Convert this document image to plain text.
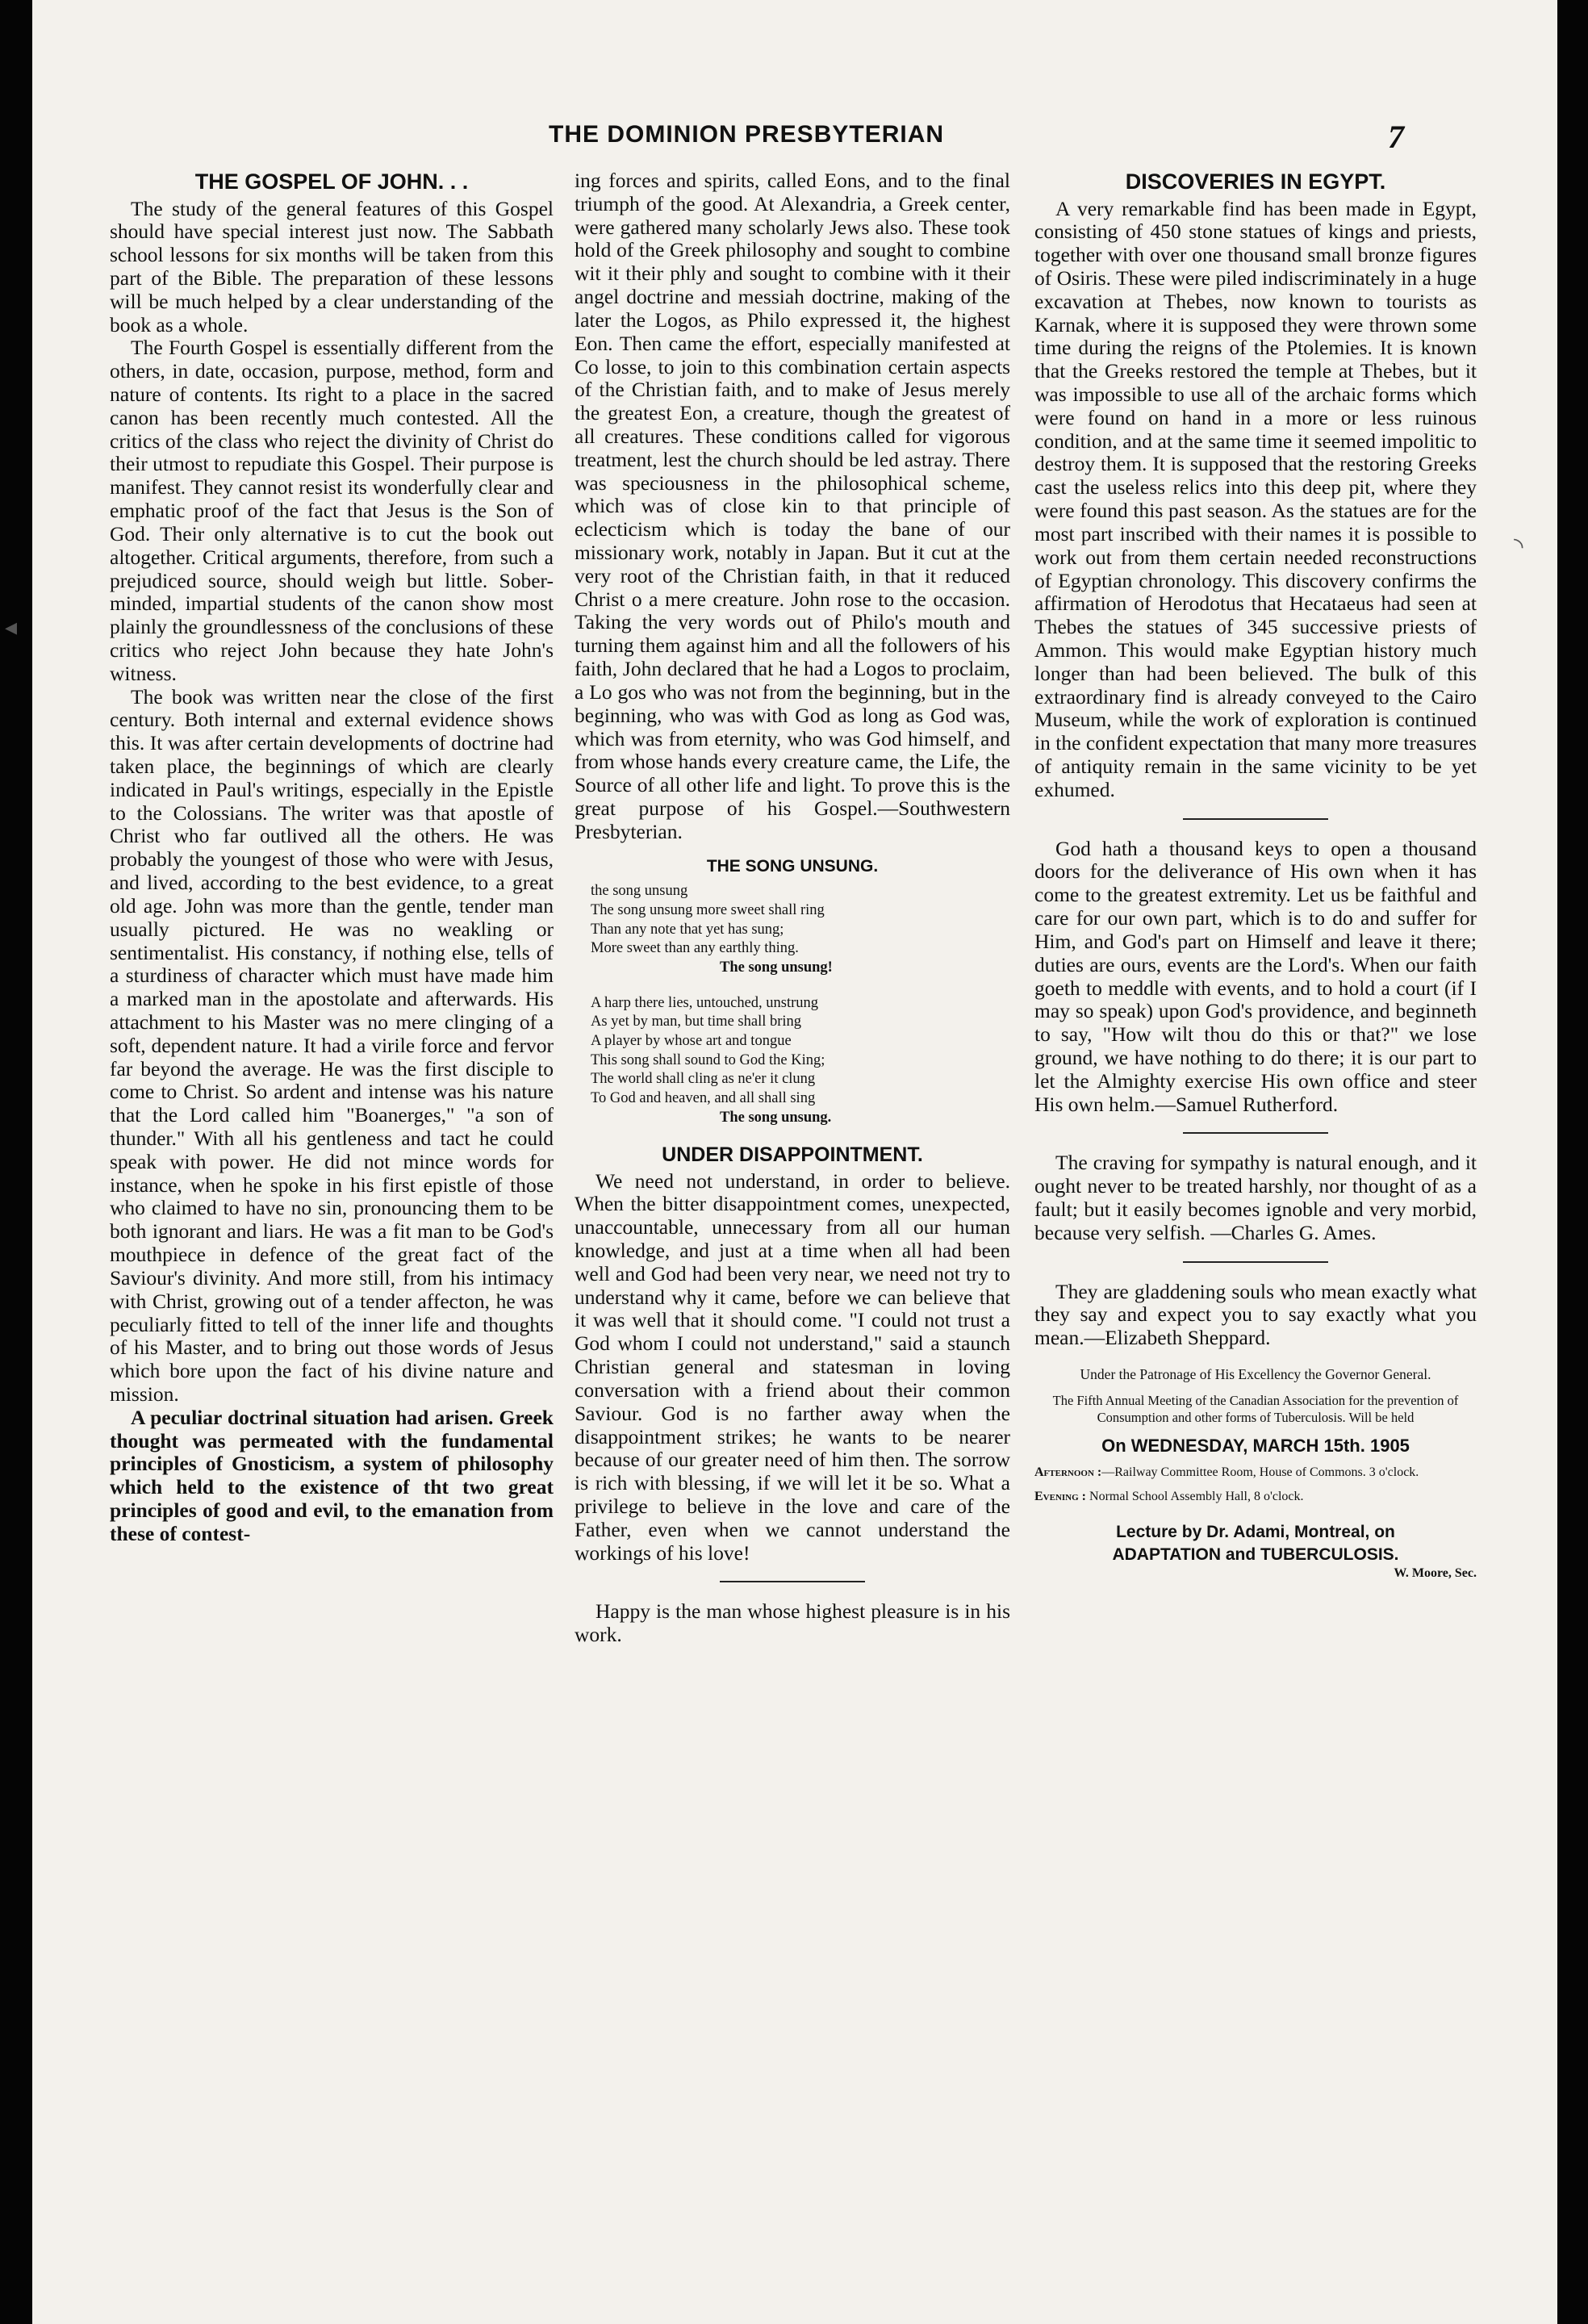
THE DOMINION PRESBYTERIAN	7
◂
◝
THE GOSPEL OF JOHN. . .

The study of the general features of this Gospel should have special interest just now. The Sabbath school lessons for six months will be taken from this part of the Bible. The preparation of these lessons will be much helped by a clear understanding of the book as a whole.

The Fourth Gospel is essentially different from the others, in date, occasion, purpose, method, form and nature of contents. Its right to a place in the sacred canon has been recently much contested. All the critics of the class who reject the divinity of Christ do their utmost to repudiate this Gospel. Their purpose is manifest. They cannot resist its wonderfully clear and emphatic proof of the fact that Jesus is the Son of God. Their only alternative is to cut the book out altogether. Critical arguments, therefore, from such a prejudiced source, should weigh but little. Sober-minded, impartial students of the canon show most plainly the groundlessness of the conclusions of these critics who reject John because they hate John's witness.

The book was written near the close of the first century. Both internal and external evidence shows this. It was after certain developments of doctrine had taken place, the beginnings of which are clearly indicated in Paul's writings, especially in the Epistle to the Colossians. The writer was that apostle of Christ who far outlived all the others. He was probably the youngest of those who were with Jesus, and lived, according to the best evidence, to a great old age. John was more than the gentle, tender man usually pictured. He was no weakling or sentimentalist. His constancy, if nothing else, tells of a sturdiness of character which must have made him a marked man in the apostolate and afterwards. His attachment to his Master was no mere clinging of a soft, dependent nature. It had a virile force and fervor far beyond the average. He was the first disciple to come to Christ. So ardent and intense was his nature that the Lord called him "Boanerges," "a son of thunder." With all his gentleness and tact he could speak with power. He did not mince words for instance, when he spoke in his first epistle of those who claimed to have no sin, pronouncing them to be both ignorant and liars. He was a fit man to be God's mouthpiece in defence of the great fact of the Saviour's divinity. And more still, from his intimacy with Christ, growing out of a tender affecton, he was peculiarly fitted to tell of the inner life and thoughts of his Master, and to bring out those words of Jesus which bore upon the fact of his divine nature and mission.

A peculiar doctrinal situation had arisen. Greek thought was permeated with the fundamental principles of Gnosticism, a system of philosophy which held to the existence of tht two great principles of good and evil, to the emanation from these of contest-

ing forces and spirits, called Eons, and to the final triumph of the good. At Alexandria, a Greek center, were gathered many scholarly Jews also. These took hold of the Greek philosophy and sought to combine wit it their phly and sought to combine with it their angel doctrine and messiah doctrine, making of the later the Logos, as Philo expressed it, the highest Eon. Then came the effort, especially manifested at Co losse, to join to this combination certain aspects of the Christian faith, and to make of Jesus merely the greatest Eon, a creature, though the greatest of all creatures. These conditions called for vigorous treatment, lest the church should be led astray. There was speciousness in the philosophical scheme, which was of close kin to that principle of eclecticism which is today the bane of our missionary work, notably in Japan. But it cut at the very root of the Christian faith, in that it reduced Christ o a mere creature. John rose to the occasion. Taking the very words out of Philo's mouth and turning them against him and all the followers of his faith, John declared that he had a Logos to proclaim, a Lo gos who was not from the beginning, but in the beginning, who was with God as long as God was, which was from eternity, who was God himself, and from whose hands every creature came, the Life, the Source of all other life and light. To prove this is the great purpose of his Gospel.—Southwestern Presbyterian.

THE SONG UNSUNG.
the song unsung
The song unsung more sweet shall ring
Than any note that yet has sung;
More sweet than any earthly thing.
The song unsung!
A harp there lies, untouched, unstrung
As yet by man, but time shall bring
A player by whose art and tongue
This song shall sound to God the King;
The world shall cling as ne'er it clung
To God and heaven, and all shall sing
The song unsung.
UNDER DISAPPOINTMENT.

We need not understand, in order to believe. When the bitter disappointment comes, unexpected, unaccountable, unnecessary from all our human knowledge, and just at a time when all had been well and God had been very near, we need not try to understand why it came, before we can believe that it was well that it should come. "I could not trust a God whom I could not understand," said a staunch Christian general and statesman in loving conversation with a friend about their common Saviour. God is no farther away when the disappointment strikes; he wants to be nearer because of our greater need of him then. The sorrow is rich with blessing, if we will let it be so. What a privilege to believe in the love and care of the Father, even when we cannot understand the workings of his love!

Happy is the man whose highest pleasure is in his work.

DISCOVERIES IN EGYPT.

A very remarkable find has been made in Egypt, consisting of 450 stone statues of kings and priests, together with over one thousand small bronze figures of Osiris. These were piled indiscriminately in a huge excavation at Thebes, now known to tourists as Karnak, where it is supposed they were thrown some time during the reigns of the Ptolemies. It is known that the Greeks restored the temple at Thebes, but it was impossible to use all of the archaic forms which were found on hand in a more or less ruinous condition, and at the same time it seemed impolitic to destroy them. It is supposed that the restoring Greeks cast the useless relics into this deep pit, where they were found this past season. As the statues are for the most part inscribed with their names it is possible to work out from them certain needed reconstructions of Egyptian chronology. This discovery confirms the affirmation of Herodotus that Hecataeus had seen at Thebes the statues of 345 successive priests of Ammon. This would make Egyptian history much longer than had been believed. The bulk of this extraordinary find is already conveyed to the Cairo Museum, while the work of exploration is continued in the confident expectation that many more treasures of antiquity remain in the same vicinity to be yet exhumed.

God hath a thousand keys to open a thousand doors for the deliverance of His own when it has come to the greatest extremity. Let us be faithful and care for our own part, which is to do and suffer for Him, and God's part on Himself and leave it there; duties are ours, events are the Lord's. When our faith goeth to meddle with events, and to hold a court (if I may so speak) upon God's providence, and beginneth to say, "How wilt thou do this or that?" we lose ground, we have nothing to do there; it is our part to let the Almighty exercise His own office and steer His own helm.—Samuel Rutherford.

The craving for sympathy is natural enough, and it ought never to be treated harshly, nor thought of as a fault; but it easily becomes ignoble and very morbid, because very selfish. —Charles G. Ames.

They are gladdening souls who mean exactly what they say and expect you to say exactly what you mean.—Elizabeth Sheppard.

Under the Patronage of His Excellency the Governor General.
The Fifth Annual Meeting of the Canadian Association for the prevention of Consumption and other forms of Tuberculosis. Will be held
On WEDNESDAY, MARCH 15th. 1905
Afternoon :—Railway Committee Room, House of Commons. 3 o'clock.
Evening : Normal School Assembly Hall, 8 o'clock.
Lecture by Dr. Adami, Montreal, on
ADAPTATION and TUBERCULOSIS.
W. Moore, Sec.
